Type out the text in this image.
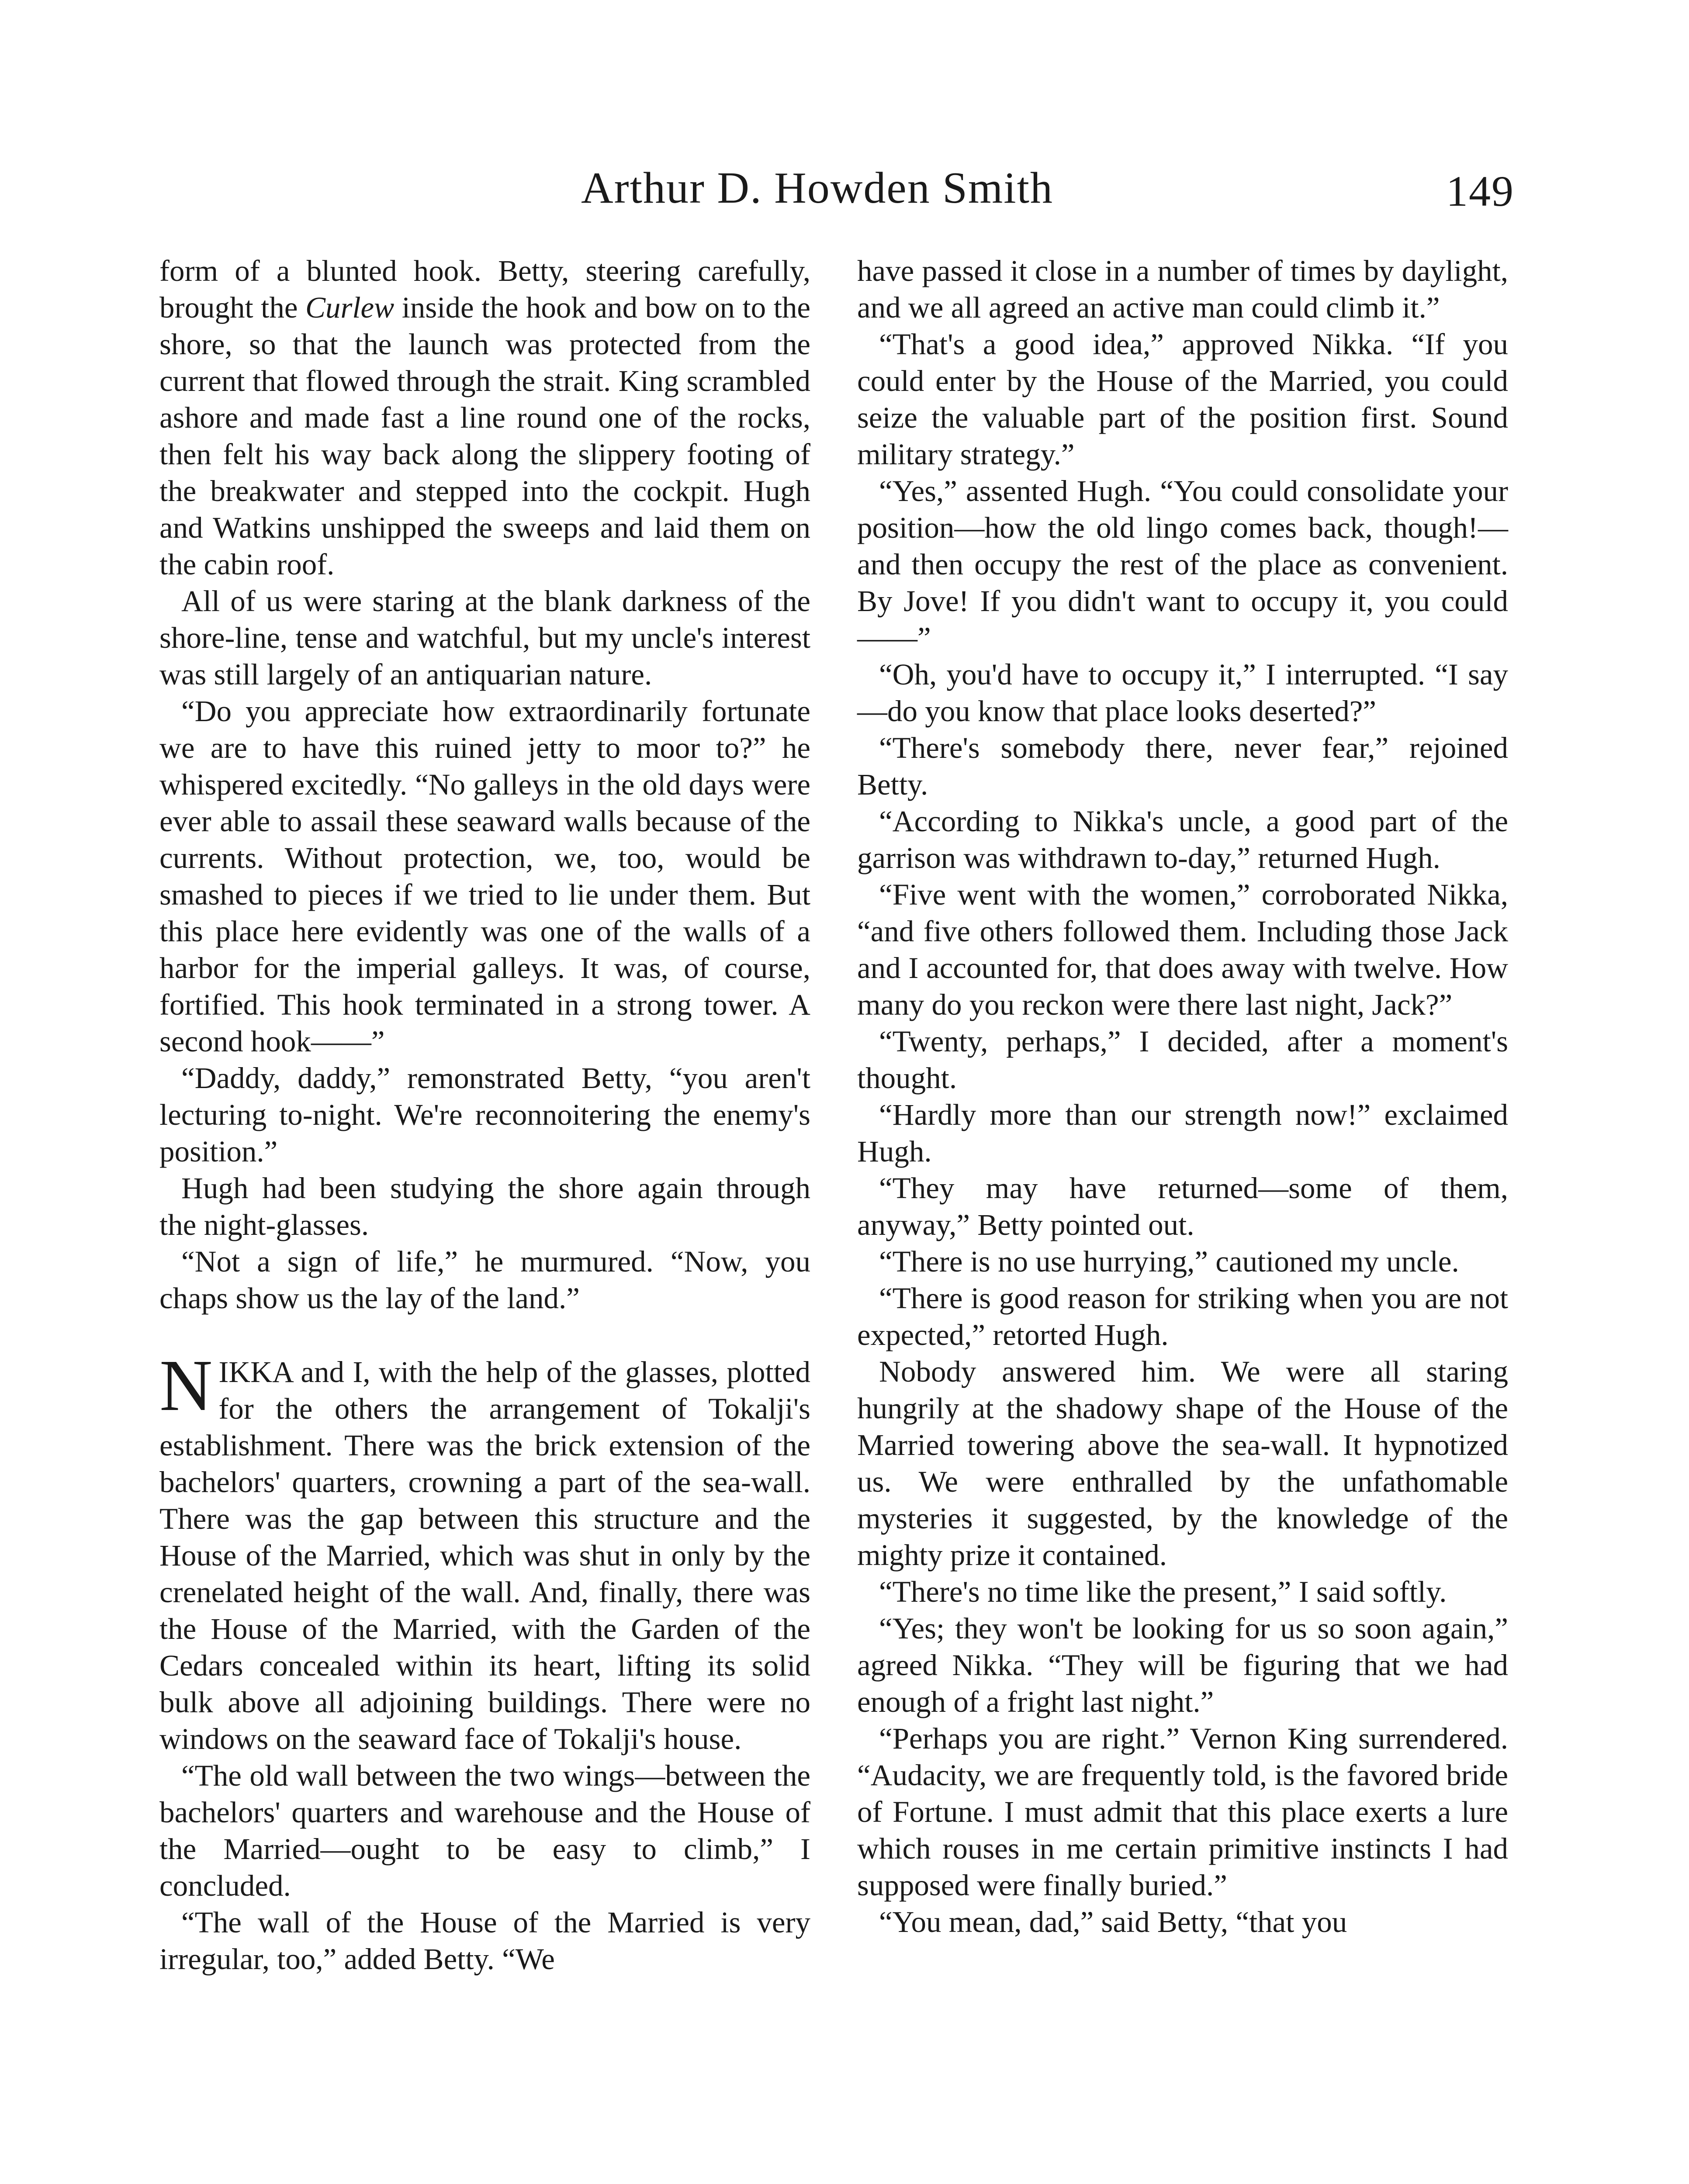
Arthur D. Howden Smith	149

form of a blunted hook. Betty, steering carefully, brought the Curlew inside the hook and bow on to the shore, so that the launch was protected from the current that flowed through the strait. King scrambled ashore and made fast a line round one of the rocks, then felt his way back along the slippery footing of the breakwater and stepped into the cockpit. Hugh and Watkins unshipped the sweeps and laid them on the cabin roof.

All of us were staring at the blank darkness of the shore-line, tense and watchful, but my uncle's interest was still largely of an antiquarian nature.

“Do you appreciate how extraordinarily fortunate we are to have this ruined jetty to moor to?” he whispered excitedly. “No galleys in the old days were ever able to assail these seaward walls because of the currents. Without protection, we, too, would be smashed to pieces if we tried to lie under them. But this place here evidently was one of the walls of a harbor for the imperial galleys. It was, of course, fortified. This hook terminated in a strong tower. A second hook——”

“Daddy, daddy,” remonstrated Betty, “you aren't lecturing to-night. We're reconnoitering the enemy's position.”

Hugh had been studying the shore again through the night-glasses.

“Not a sign of life,” he murmured. “Now, you chaps show us the lay of the land.”

NIKKA and I, with the help of the glasses, plotted for the others the arrangement of Tokalji's establishment. There was the brick extension of the bachelors' quarters, crowning a part of the sea-wall. There was the gap between this structure and the House of the Married, which was shut in only by the crenelated height of the wall. And, finally, there was the House of the Married, with the Garden of the Cedars concealed within its heart, lifting its solid bulk above all adjoining buildings. There were no windows on the seaward face of Tokalji's house.

“The old wall between the two wings—between the bachelors' quarters and warehouse and the House of the Married—ought to be easy to climb,” I concluded.

“The wall of the House of the Married is very irregular, too,” added Betty. “We

have passed it close in a number of times by daylight, and we all agreed an active man could climb it.”

“That's a good idea,” approved Nikka. “If you could enter by the House of the Married, you could seize the valuable part of the position first. Sound military strategy.”

“Yes,” assented Hugh. “You could consolidate your position—how the old lingo comes back, though!—and then occupy the rest of the place as convenient. By Jove! If you didn't want to occupy it, you could——”

“Oh, you'd have to occupy it,” I interrupted. “I say—do you know that place looks deserted?”

“There's somebody there, never fear,” rejoined Betty.

“According to Nikka's uncle, a good part of the garrison was withdrawn to-day,” returned Hugh.

“Five went with the women,” corroborated Nikka, “and five others followed them. Including those Jack and I accounted for, that does away with twelve. How many do you reckon were there last night, Jack?”

“Twenty, perhaps,” I decided, after a moment's thought.

“Hardly more than our strength now!” exclaimed Hugh.

“They may have returned—some of them, anyway,” Betty pointed out.

“There is no use hurrying,” cautioned my uncle.

“There is good reason for striking when you are not expected,” retorted Hugh.

Nobody answered him. We were all staring hungrily at the shadowy shape of the House of the Married towering above the sea-wall. It hypnotized us. We were enthralled by the unfathomable mysteries it suggested, by the knowledge of the mighty prize it contained.

“There's no time like the present,” I said softly.

“Yes; they won't be looking for us so soon again,” agreed Nikka. “They will be figuring that we had enough of a fright last night.”

“Perhaps you are right.” Vernon King surrendered. “Audacity, we are frequently told, is the favored bride of Fortune. I must admit that this place exerts a lure which rouses in me certain primitive instincts I had supposed were finally buried.”

“You mean, dad,” said Betty, “that you
